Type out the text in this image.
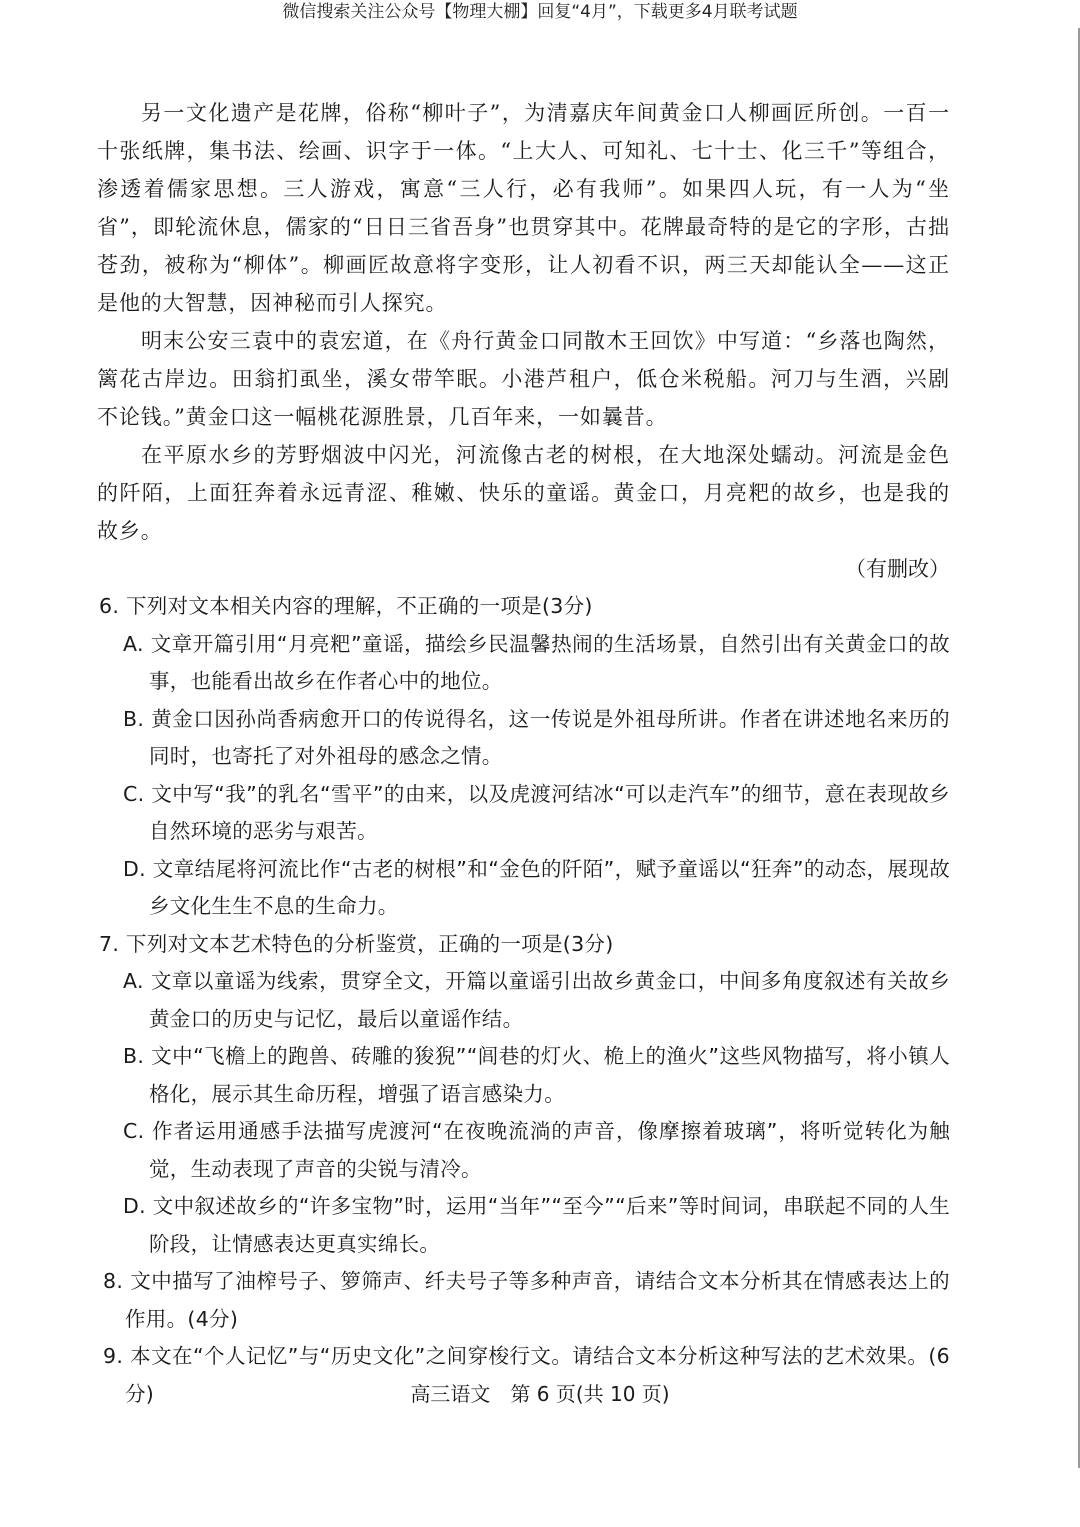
微信搜索关注公众号【物理大棚】回复“4月”，下载更多4月联考试题

另一文化遗产是花牌，俗称“柳叶子”，为清嘉庆年间黄金口人柳画匠所创。一百一十张纸牌，集书法、绘画、识字于一体。“上大人、可知礼、七十士、化三千”等组合，渗透着儒家思想。三人游戏，寓意“三人行，必有我师”。如果四人玩，有一人为“坐省”，即轮流休息，儒家的“日日三省吾身”也贯穿其中。花牌最奇特的是它的字形，古拙苍劲，被称为“柳体”。柳画匠故意将字变形，让人初看不识，两三天却能认全——这正是他的大智慧，因神秘而引人探究。

明末公安三袁中的袁宏道，在《舟行黄金口同散木王回饮》中写道：“乡落也陶然，篱花古岸边。田翁扪虱坐，溪女带竿眠。小港芦租户，低仓米税船。河刀与生酒，兴剧不论钱。”黄金口这一幅桃花源胜景，几百年来，一如曩昔。

在平原水乡的芳野烟波中闪光，河流像古老的树根，在大地深处蠕动。河流是金色的阡陌，上面狂奔着永远青涩、稚嫩、快乐的童谣。黄金口，月亮粑的故乡，也是我的故乡。

（有删改）

6. 下列对文本相关内容的理解，不正确的一项是(3分)

A. 文章开篇引用“月亮粑”童谣，描绘乡民温馨热闹的生活场景，自然引出有关黄金口的故事，也能看出故乡在作者心中的地位。

B. 黄金口因孙尚香病愈开口的传说得名，这一传说是外祖母所讲。作者在讲述地名来历的同时，也寄托了对外祖母的感念之情。

C. 文中写“我”的乳名“雪平”的由来，以及虎渡河结冰“可以走汽车”的细节，意在表现故乡自然环境的恶劣与艰苦。

D. 文章结尾将河流比作“古老的树根”和“金色的阡陌”，赋予童谣以“狂奔”的动态，展现故乡文化生生不息的生命力。

7. 下列对文本艺术特色的分析鉴赏，正确的一项是(3分)

A. 文章以童谣为线索，贯穿全文，开篇以童谣引出故乡黄金口，中间多角度叙述有关故乡黄金口的历史与记忆，最后以童谣作结。

B. 文中“飞檐上的跑兽、砖雕的狻猊”“闾巷的灯火、桅上的渔火”这些风物描写，将小镇人格化，展示其生命历程，增强了语言感染力。

C. 作者运用通感手法描写虎渡河“在夜晚流淌的声音，像摩擦着玻璃”，将听觉转化为触觉，生动表现了声音的尖锐与清冷。

D. 文中叙述故乡的“许多宝物”时，运用“当年”“至今”“后来”等时间词，串联起不同的人生阶段，让情感表达更真实绵长。

8. 文中描写了油榨号子、箩筛声、纤夫号子等多种声音，请结合文本分析其在情感表达上的作用。(4分)

9. 本文在“个人记忆”与“历史文化”之间穿梭行文。请结合文本分析这种写法的艺术效果。(6分)	高三语文　第 6 页(共 10 页)
